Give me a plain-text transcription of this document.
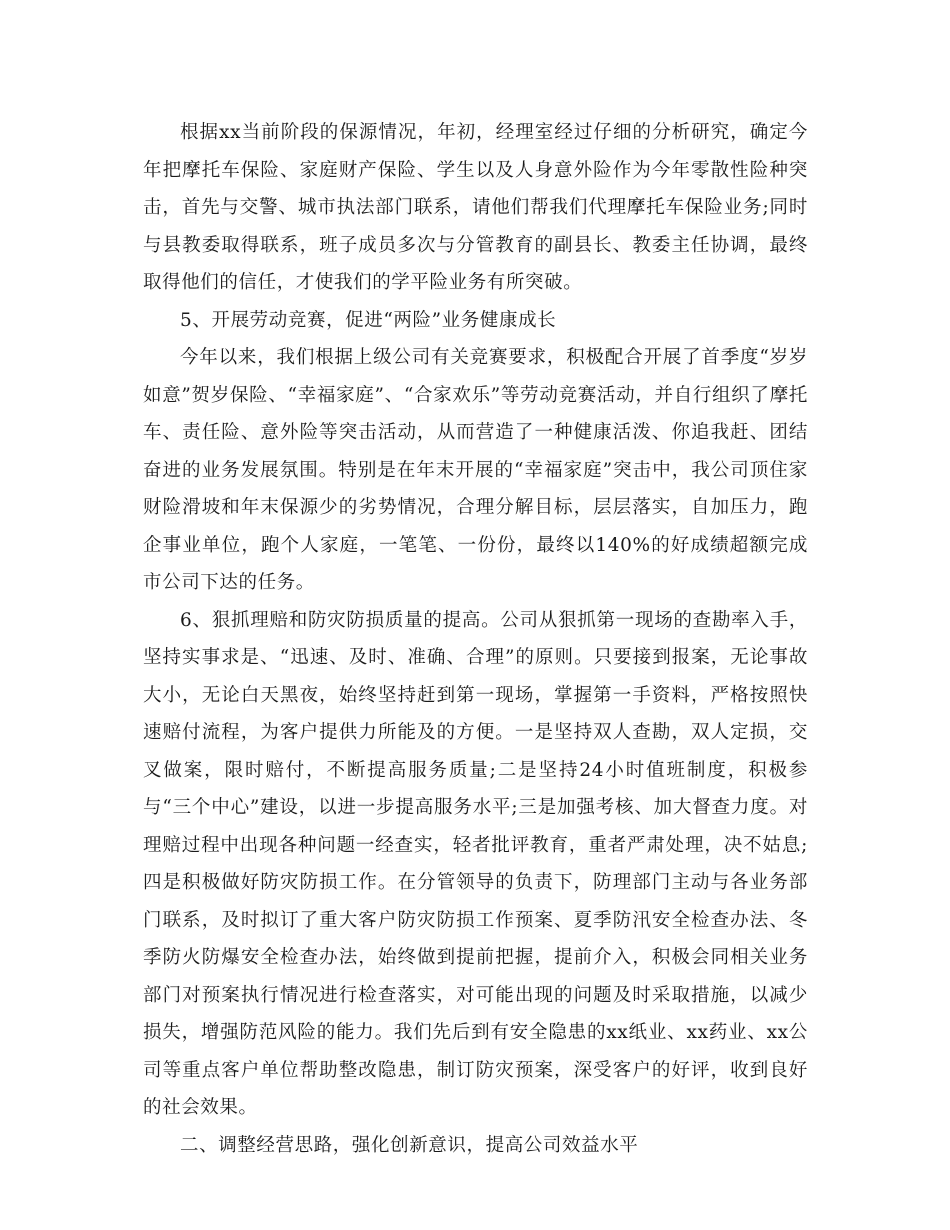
根据xx当前阶段的保源情况，年初，经理室经过仔细的分析研究，确定今年把摩托车保险、家庭财产保险、学生以及人身意外险作为今年零散性险种突击，首先与交警、城市执法部门联系，请他们帮我们代理摩托车保险业务;同时与县教委取得联系，班子成员多次与分管教育的副县长、教委主任协调，最终取得他们的信任，才使我们的学平险业务有所突破。

5、开展劳动竞赛，促进“两险”业务健康成长

今年以来，我们根据上级公司有关竞赛要求，积极配合开展了首季度“岁岁如意”贺岁保险、“幸福家庭”、“合家欢乐”等劳动竞赛活动，并自行组织了摩托车、责任险、意外险等突击活动，从而营造了一种健康活泼、你追我赶、团结奋进的业务发展氛围。特别是在年末开展的“幸福家庭”突击中，我公司顶住家财险滑坡和年末保源少的劣势情况，合理分解目标，层层落实，自加压力，跑企事业单位，跑个人家庭，一笔笔、一份份，最终以140%的好成绩超额完成市公司下达的任务。

6、狠抓理赔和防灾防损质量的提高。公司从狠抓第一现场的查勘率入手，坚持实事求是、“迅速、及时、准确、合理”的原则。只要接到报案，无论事故大小，无论白天黑夜，始终坚持赶到第一现场，掌握第一手资料，严格按照快速赔付流程，为客户提供力所能及的方便。一是坚持双人查勘，双人定损，交叉做案，限时赔付，不断提高服务质量;二是坚持24小时值班制度，积极参与“三个中心”建设，以进一步提高服务水平;三是加强考核、加大督查力度。对理赔过程中出现各种问题一经查实，轻者批评教育，重者严肃处理，决不姑息;四是积极做好防灾防损工作。在分管领导的负责下，防理部门主动与各业务部门联系，及时拟订了重大客户防灾防损工作预案、夏季防汛安全检查办法、冬季防火防爆安全检查办法，始终做到提前把握，提前介入，积极会同相关业务部门对预案执行情况进行检查落实，对可能出现的问题及时采取措施，以减少损失，增强防范风险的能力。我们先后到有安全隐患的xx纸业、xx药业、xx公司等重点客户单位帮助整改隐患，制订防灾预案，深受客户的好评，收到良好的社会效果。

二、调整经营思路，强化创新意识，提高公司效益水平
